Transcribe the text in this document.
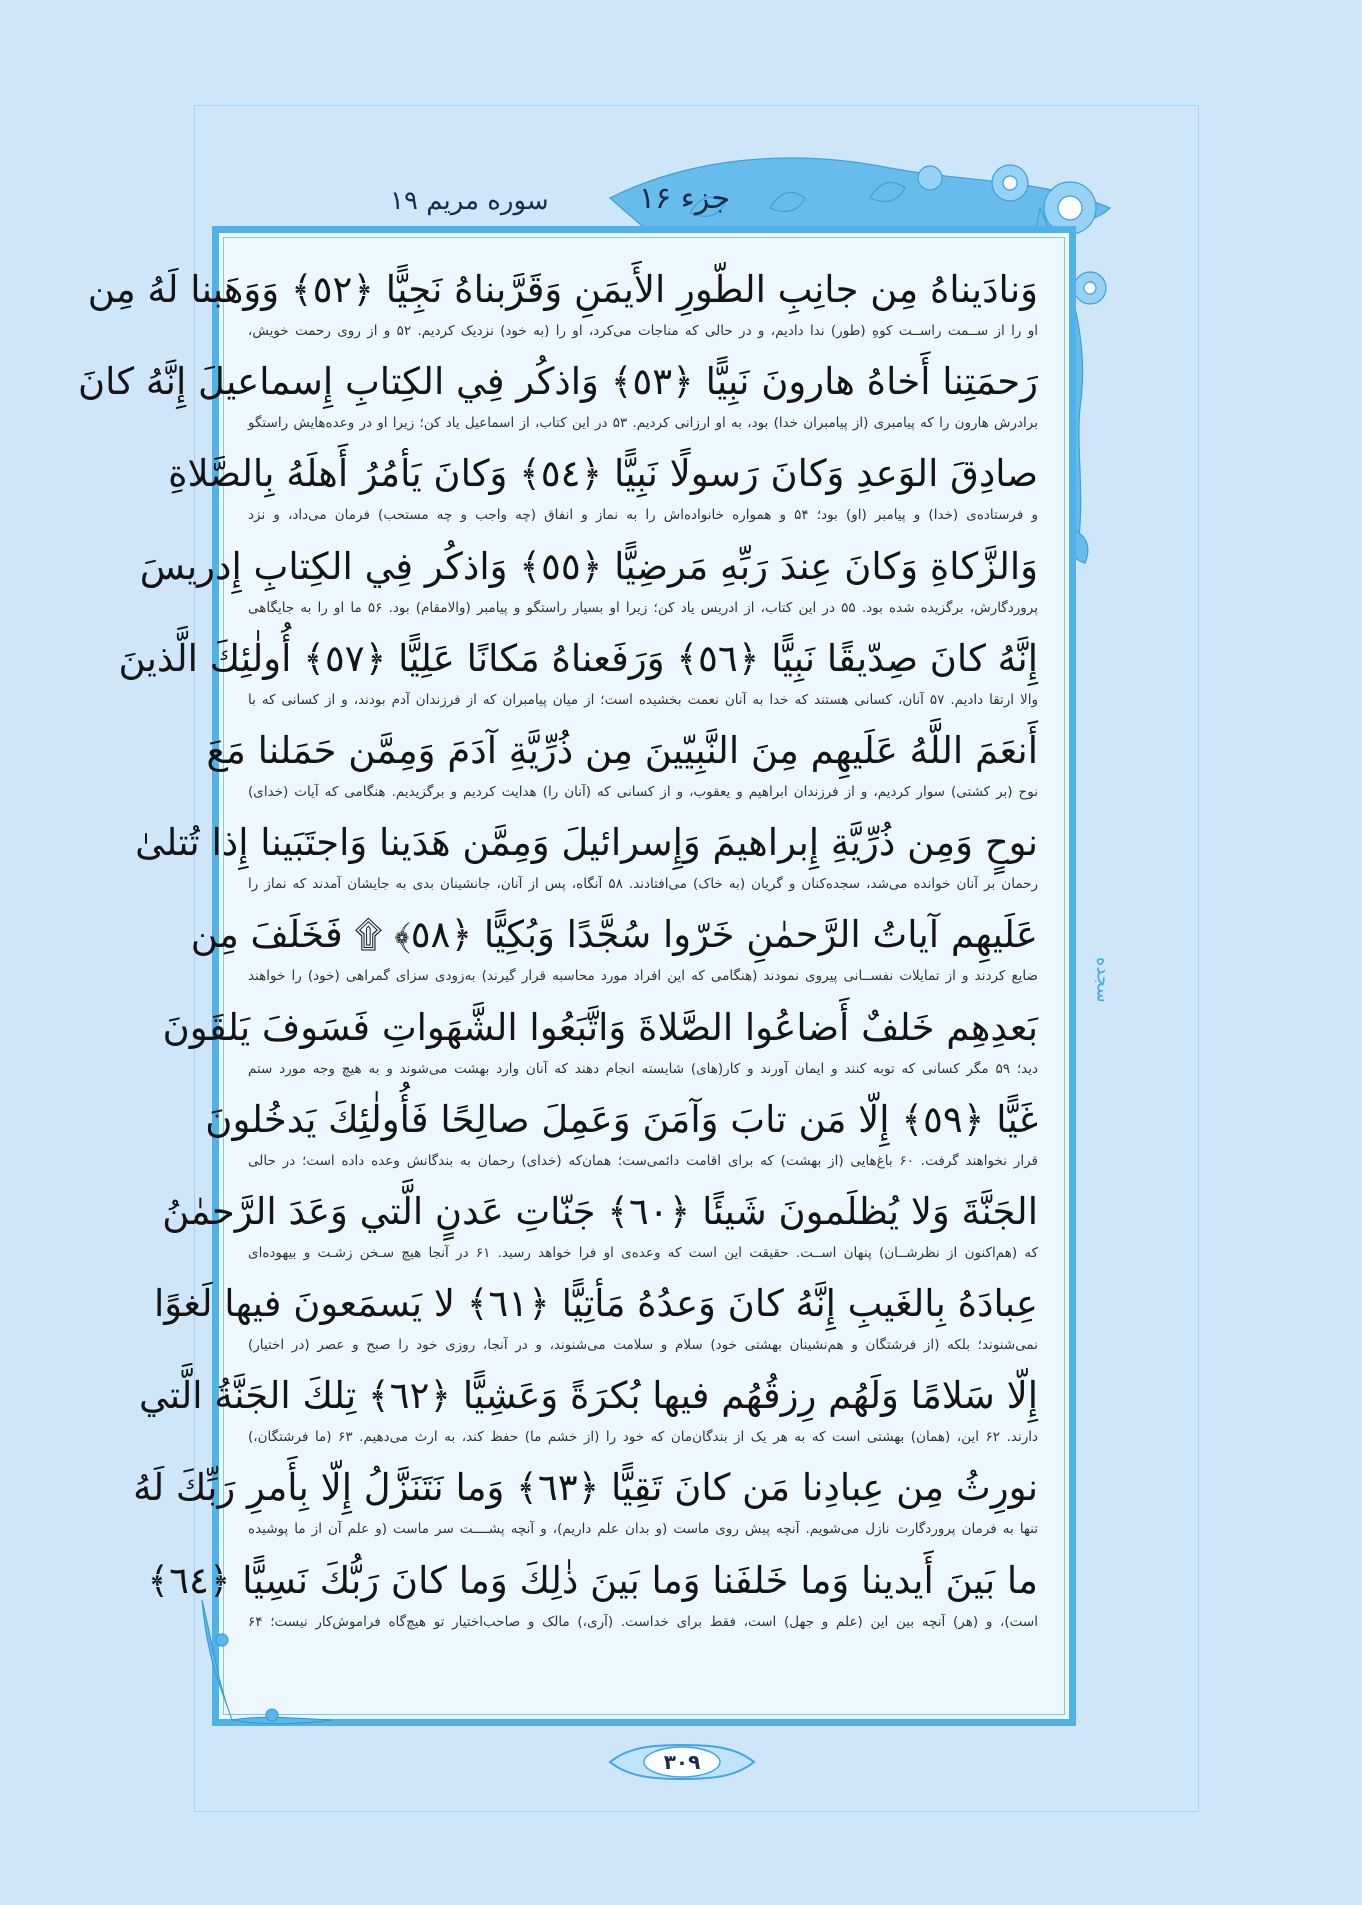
جزء ۱۶
سوره مریم ۱۹
وَنادَيناهُ مِن جانِبِ الطّورِ الأَيمَنِ وَقَرَّبناهُ نَجِيًّا ﴿٥٢﴾ وَوَهَبنا لَهُ مِن
او را از ســمت راســت کوهِ (طور) ندا دادیم، و در حالی که مناجات می‌کرد، او را (به خود) نزدیک کردیم. ۵۲ و از روی رحمت خویش،
رَحمَتِنا أَخاهُ هارونَ نَبِيًّا ﴿٥٣﴾ وَاذكُر فِي الكِتابِ إِسماعيلَ إِنَّهُ كانَ
برادرش هارون را که پیامبری (از پیامبران خدا) بود، به او ارزانی کردیم. ۵۳ در این کتاب، از اسماعیل یاد کن؛ زیرا او در وعده‌هایش راستگو
صادِقَ الوَعدِ وَكانَ رَسولًا نَبِيًّا ﴿٥٤﴾ وَكانَ يَأمُرُ أَهلَهُ بِالصَّلاةِ
و فرستاده‌ی (خدا) و پیامبر (او) بود؛ ۵۴ و همواره خانواده‌اش را به نماز و انفاق (چه واجب و چه مستحب) فرمان می‌داد، و نزد
وَالزَّكاةِ وَكانَ عِندَ رَبِّهِ مَرضِيًّا ﴿٥٥﴾ وَاذكُر فِي الكِتابِ إِدريسَ
پروردگارش، برگزیده شده بود. ۵۵ در این کتاب، از ادریس یاد کن؛ زیرا او بسیار راستگو و پیامبر (والامقام) بود. ۵۶ ما او را به جایگاهی
إِنَّهُ كانَ صِدّيقًا نَبِيًّا ﴿٥٦﴾ وَرَفَعناهُ مَكانًا عَلِيًّا ﴿٥٧﴾ أُولٰئِكَ الَّذينَ
والا ارتقا دادیم. ۵۷ آنان، کسانی هستند که خدا به آنان نعمت بخشیده است؛ از میان پیامبران که از فرزندان آدم بودند، و از کسانی که با
أَنعَمَ اللَّهُ عَلَيهِم مِنَ النَّبِيّينَ مِن ذُرِّيَّةِ آدَمَ وَمِمَّن حَمَلنا مَعَ
نوح (بر کشتی) سوار کردیم، و از فرزندان ابراهیم و یعقوب، و از کسانی که (آنان را) هدایت کردیم و برگزیدیم. هنگامی که آیات (خدای)
نوحٍ وَمِن ذُرِّيَّةِ إِبراهيمَ وَإِسرائيلَ وَمِمَّن هَدَينا وَاجتَبَينا إِذا تُتلىٰ
رحمان بر آنان خوانده می‌شد، سجده‌کنان و گریان (به خاک) می‌افتادند. ۵۸ آنگاه، پس از آنان، جانشینان بدی به جایشان آمدند که نماز را
عَلَيهِم آياتُ الرَّحمٰنِ خَرّوا سُجَّدًا وَبُكِيًّا ﴿٥٨﴾ ۩ فَخَلَفَ مِن
ضایع کردند و از تمایلات نفســانی پیروی نمودند (هنگامی که این افراد مورد محاسبه قرار گیرند) به‌زودی سزای گمراهی (خود) را خواهند
بَعدِهِم خَلفٌ أَضاعُوا الصَّلاةَ وَاتَّبَعُوا الشَّهَواتِ فَسَوفَ يَلقَونَ
دید؛ ۵۹ مگر کسانی که توبه کنند و ایمان آورند و کار(های) شایسته انجام دهند که آنان وارد بهشت می‌شوند و به هیچ وجه مورد ستم
غَيًّا ﴿٥٩﴾ إِلّا مَن تابَ وَآمَنَ وَعَمِلَ صالِحًا فَأُولٰئِكَ يَدخُلونَ
قرار نخواهند گرفت. ۶۰ باغ‌هایی (از بهشت) که برای اقامت دائمی‌ست؛ همان‌که (خدای) رحمان به بندگانش وعده داده است؛ در حالی
الجَنَّةَ وَلا يُظلَمونَ شَيئًا ﴿٦٠﴾ جَنّاتِ عَدنٍ الَّتي وَعَدَ الرَّحمٰنُ
که (هم‌اکنون از نظرشــان) پنهان اســت. حقیقت این است که وعده‌ی او فرا خواهد رسید. ۶۱ در آنجا هیچ سـخن زشـت و بیهوده‌ای
عِبادَهُ بِالغَيبِ إِنَّهُ كانَ وَعدُهُ مَأتِيًّا ﴿٦١﴾ لا يَسمَعونَ فيها لَغوًا
نمی‌شنوند؛ بلکه (از فرشتگان و هم‌نشینان بهشتی خود) سلام و سلامت می‌شنوند، و در آنجا، روزی خود را صبح و عصر (در اختیار)
إِلّا سَلامًا وَلَهُم رِزقُهُم فيها بُكرَةً وَعَشِيًّا ﴿٦٢﴾ تِلكَ الجَنَّةُ الَّتي
دارند. ۶۲ این، (همان) بهشتی است که به هر یک از بندگان‌مان که خود را (از خشم ما) حفظ کند، به ارث می‌دهیم. ۶۳ (ما فرشتگان،)
نورِثُ مِن عِبادِنا مَن كانَ تَقِيًّا ﴿٦٣﴾ وَما نَتَنَزَّلُ إِلّا بِأَمرِ رَبِّكَ لَهُ
تنها به فرمان پروردگارت نازل می‌شویم. آنچه پیش روی ماست (و بدان علم داریم)، و آنچه پشــــت سر ماست (و علم آن از ما پوشیده
ما بَينَ أَيدينا وَما خَلفَنا وَما بَينَ ذٰلِكَ وَما كانَ رَبُّكَ نَسِيًّا ﴿٦٤﴾
است)، و (هر) آنچه بین این (علم و جهل) است، فقط برای خداست. (آری،) مالک و صاحب‌اختیار تو هیچ‌گاه فراموش‌کار نیست؛ ۶۴
سجده
۳۰۹
